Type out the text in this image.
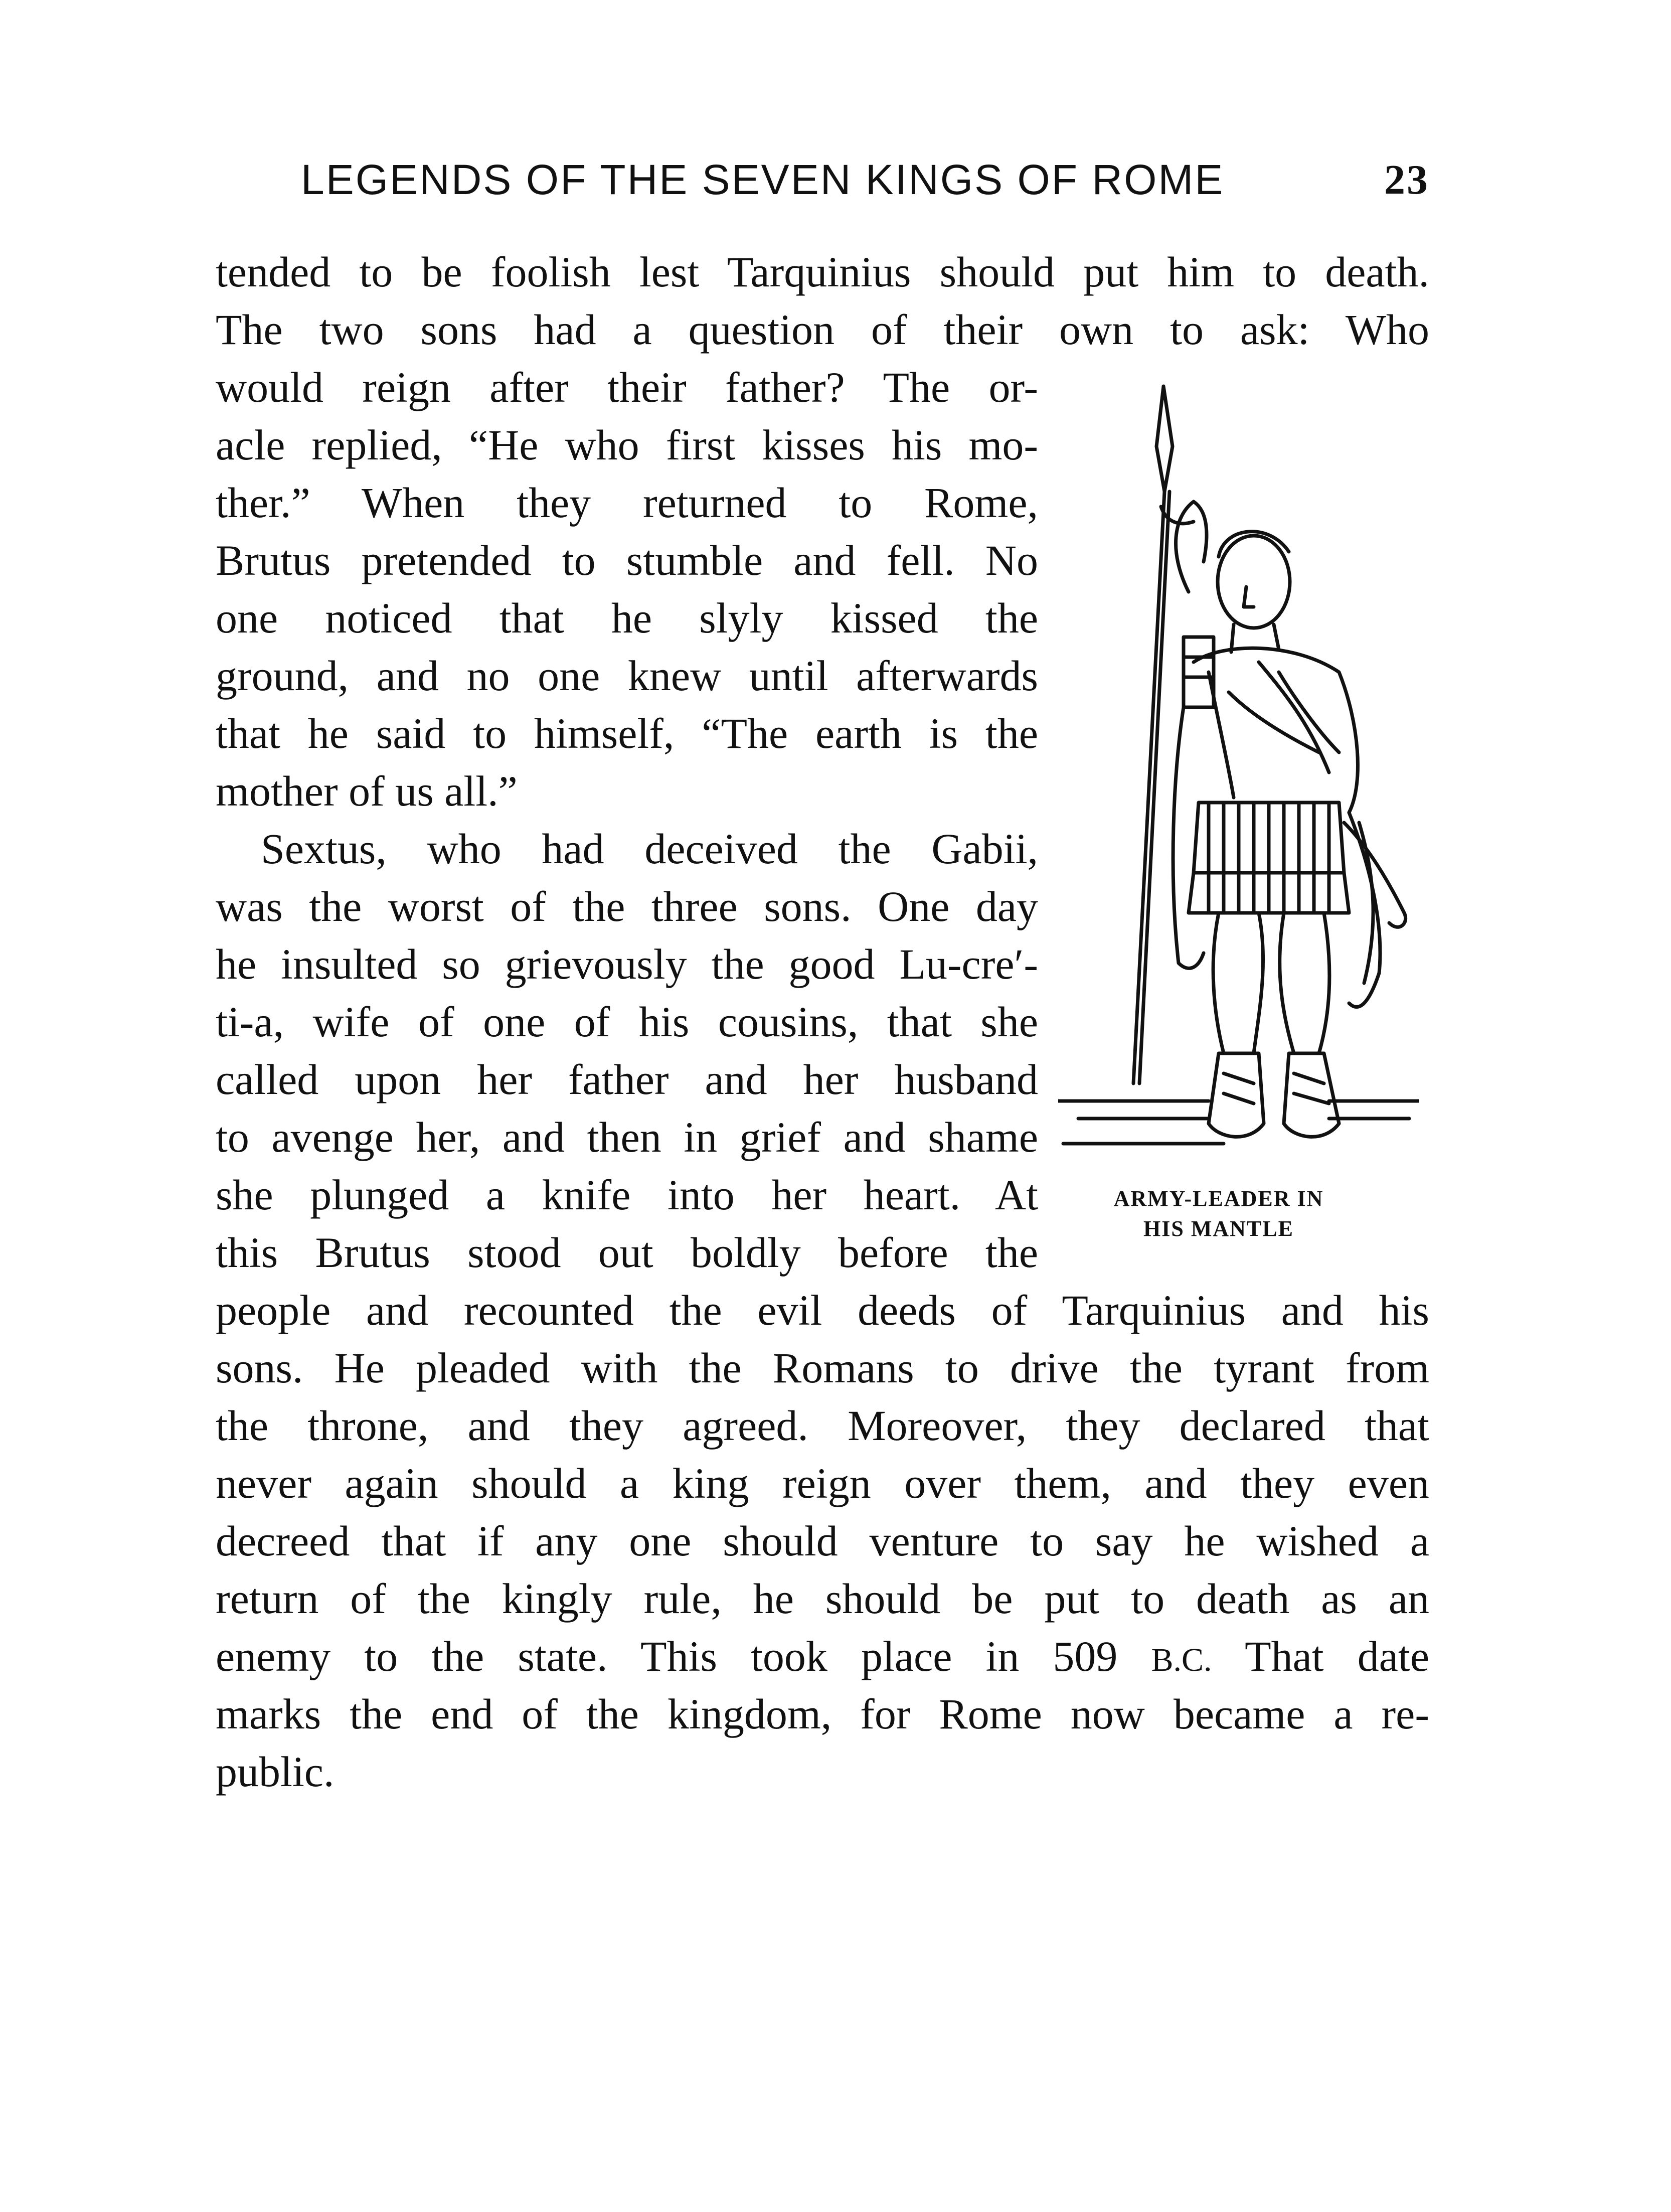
LEGENDS OF THE SEVEN KINGS OF ROME	23
tended to be foolish lest Tarquinius should put him to death.
The two sons had a question of their own to ask: Who
would reign after their father? The or-
acle replied, “He who first kisses his mo-
ther.” When they returned to Rome,
Brutus pretended to stumble and fell. No
one noticed that he slyly kissed the
ground, and no one knew until afterwards
that he said to himself, “The earth is the
mother of us all.”
Sextus, who had deceived the Gabii,
was the worst of the three sons. One day
he insulted so grievously the good Lu-cre′-
ti-a, wife of one of his cousins, that she
called upon her father and her husband
to avenge her, and then in grief and shame
she plunged a knife into her heart. At
this Brutus stood out boldly before the
people and recounted the evil deeds of Tarquinius and his
sons. He pleaded with the Romans to drive the tyrant from
the throne, and they agreed. Moreover, they declared that
never again should a king reign over them, and they even
decreed that if any one should venture to say he wished a
return of the kingly rule, he should be put to death as an
enemy to the state. This took place in 509 B.C. That date
marks the end of the kingdom, for Rome now became a re-
public.
ARMY-LEADER IN
HIS MANTLE
